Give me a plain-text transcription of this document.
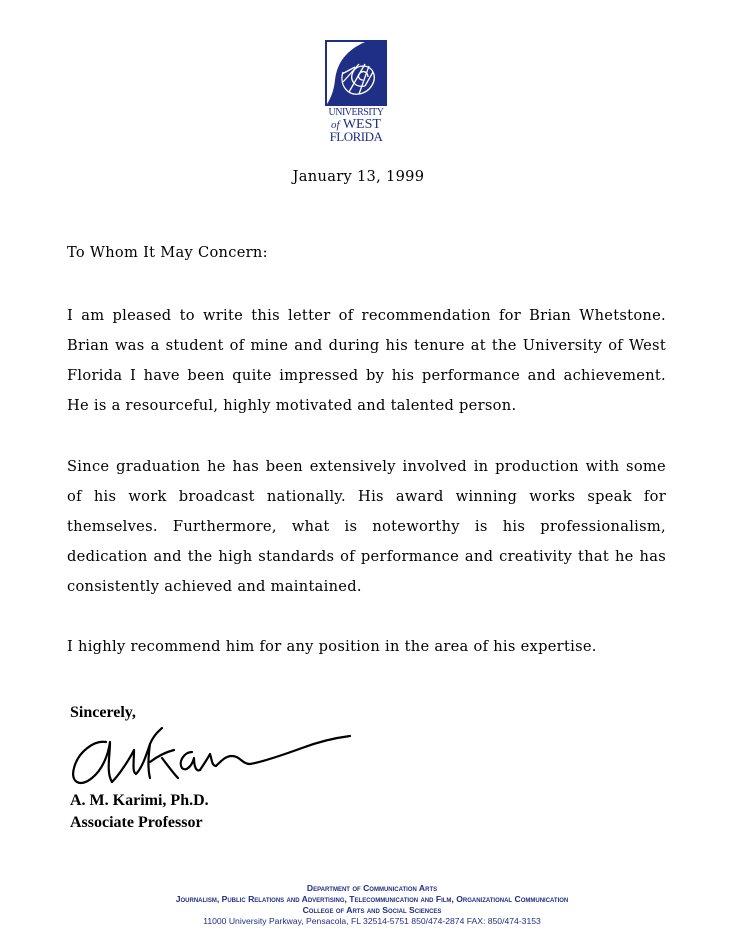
UNIVERSITY
of WEST
FLORIDA
January 13, 1999
To Whom It May Concern:
I am pleased to write this letter of recommendation for Brian Whetstone. Brian was a student of mine and during his tenure at the University of West Florida I have been quite impressed by his performance and achievement. He is a resourceful, highly motivated and talented person.
Since graduation he has been extensively involved in production with some of his work broadcast nationally. His award winning works speak for themselves. Furthermore, what is noteworthy is his professionalism, dedication and the high standards of performance and creativity that he has consistently achieved and maintained.
I highly recommend him for any position in the area of his expertise.
Sincerely,
A. M. Karimi, Ph.D.
Associate Professor
Department of Communication Arts
Journalism, Public Relations and Advertising, Telecommunication and Film, Organizational Communication
College of Arts and Social Sciences
11000 University Parkway, Pensacola, FL 32514-5751 850/474-2874 FAX: 850/474-3153
